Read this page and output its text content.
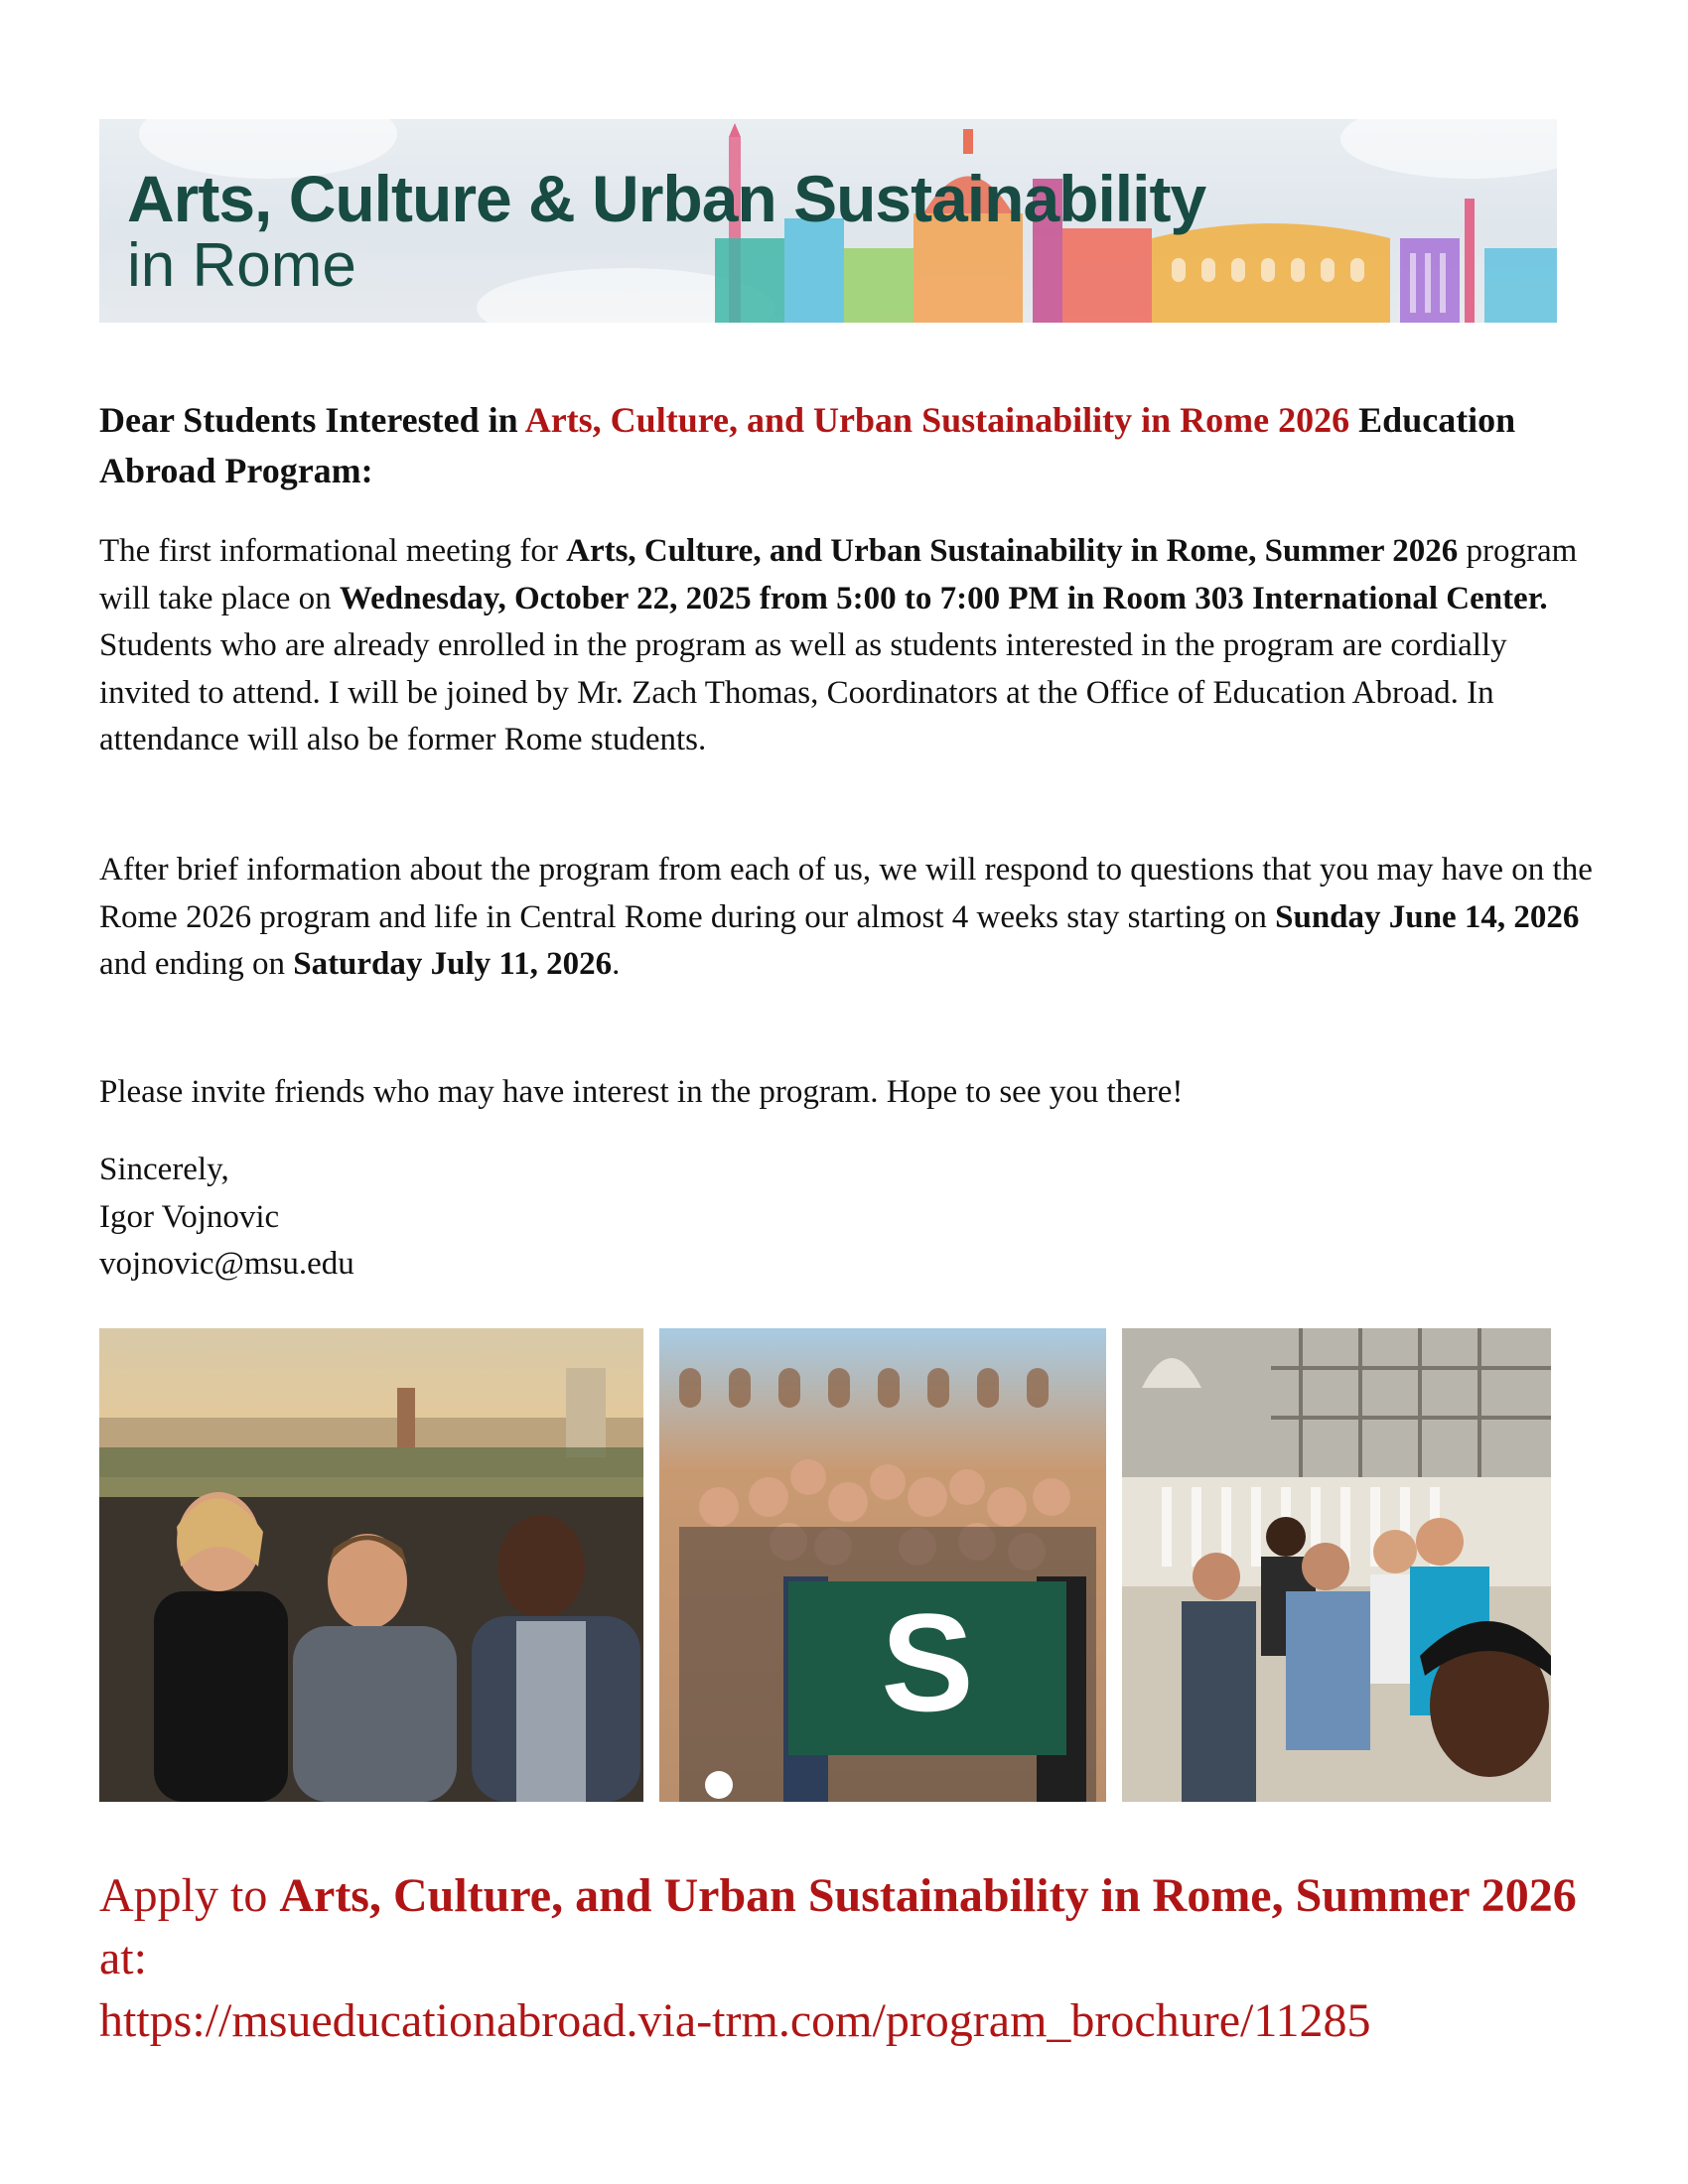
Arts, Culture & Urban Sustainability
in Rome
Dear Students Interested in Arts, Culture, and Urban Sustainability in Rome 2026 Education Abroad Program:

The first informational meeting for Arts, Culture, and Urban Sustainability in Rome, Summer 2026 program will take place on Wednesday, October 22, 2025 from 5:00 to 7:00 PM in Room 303 International Center. Students who are already enrolled in the program as well as students interested in the program are cordially invited to attend. I will be joined by Mr. Zach Thomas, Coordinators at the Office of Education Abroad. In attendance will also be former Rome students.

After brief information about the program from each of us, we will respond to questions that you may have on the Rome 2026 program and life in Central Rome during our almost 4 weeks stay starting on Sunday June 14, 2026 and ending on Saturday July 11, 2026.

Please invite friends who may have interest in the program. Hope to see you there!

Sincerely,
Igor Vojnovic
vojnovic@msu.edu
S
Apply to Arts, Culture, and Urban Sustainability in Rome, Summer 2026 at:
https://msueducationabroad.via-trm.com/program_brochure/11285
